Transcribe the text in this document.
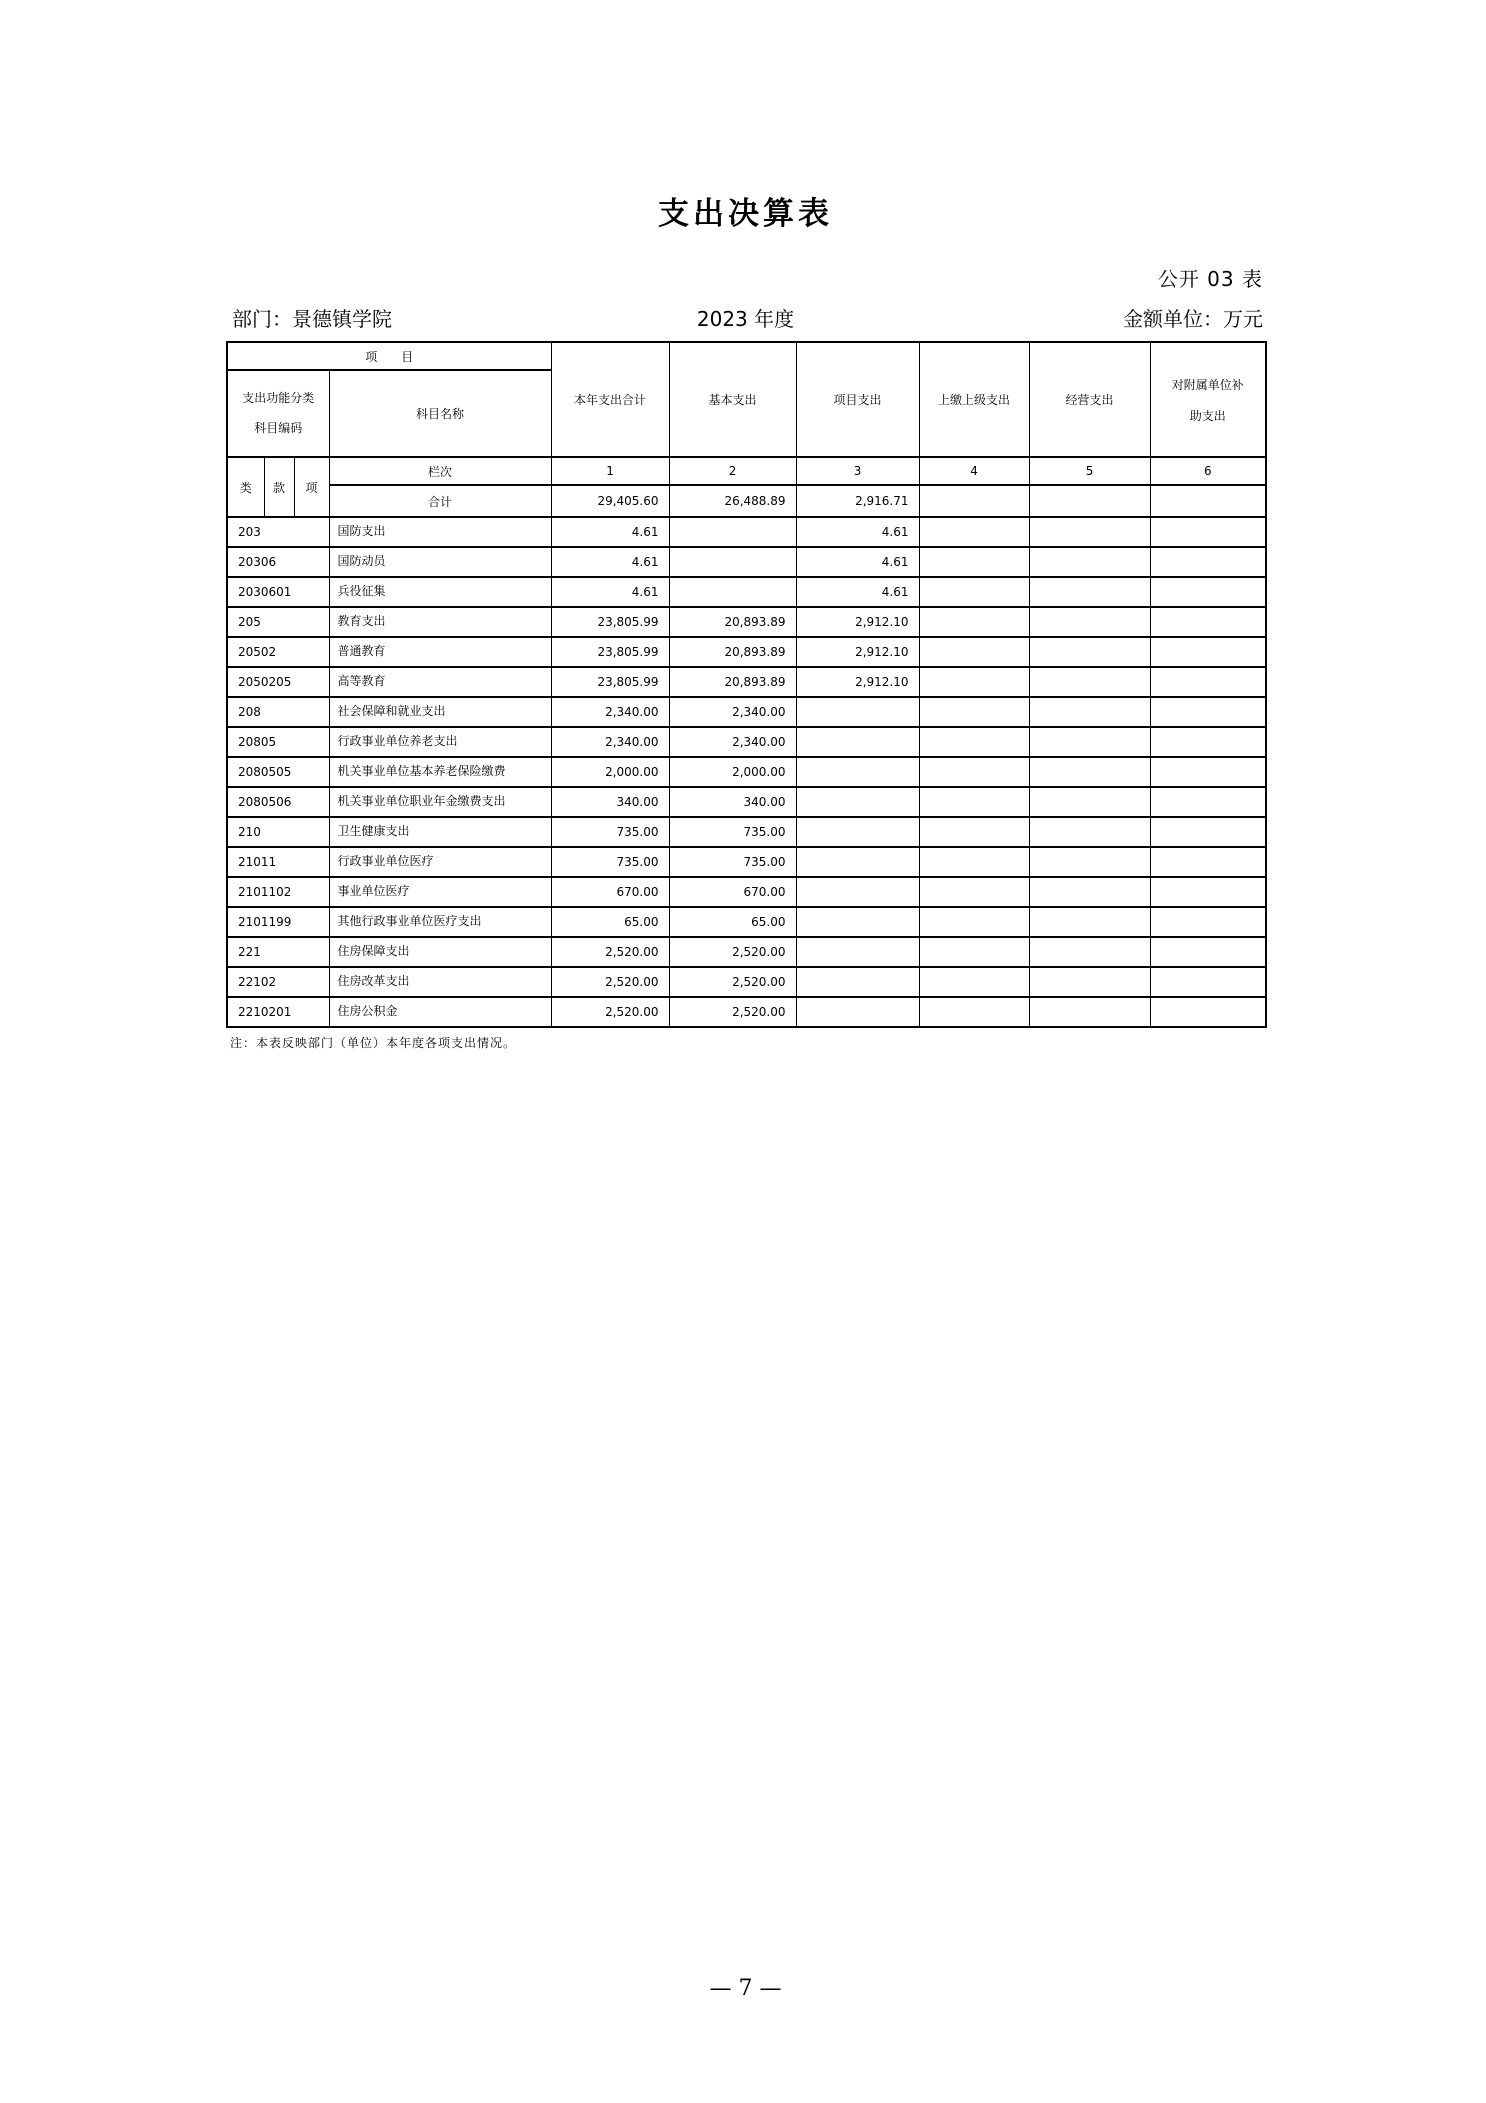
支出决算表
公开 03 表
部门：景德镇学院	2023 年度	金额单位：万元
项　　目				本年支出合计	基本支出	项目支出	上缴上级支出	经营支出	对附属单位补
助支出

支出功能分类
科目编码			科目名称						
类	款	项	栏次	1	2	3	4	5	6
			合计	29,405.60	26,488.89	2,916.71			
203			国防支出	4.61		4.61			
20306			国防动员	4.61		4.61			
2030601			兵役征集	4.61		4.61			
205			教育支出	23,805.99	20,893.89	2,912.10			
20502			普通教育	23,805.99	20,893.89	2,912.10			
2050205			高等教育	23,805.99	20,893.89	2,912.10			
208			社会保障和就业支出	2,340.00	2,340.00				
20805			行政事业单位养老支出	2,340.00	2,340.00				
2080505			机关事业单位基本养老保险缴费	2,000.00	2,000.00				
2080506			机关事业单位职业年金缴费支出	340.00	340.00				
210			卫生健康支出	735.00	735.00				
21011			行政事业单位医疗	735.00	735.00				
2101102			事业单位医疗	670.00	670.00				
2101199			其他行政事业单位医疗支出	65.00	65.00				
221			住房保障支出	2,520.00	2,520.00				
22102			住房改革支出	2,520.00	2,520.00				
2210201			住房公积金	2,520.00	2,520.00				
注：本表反映部门（单位）本年度各项支出情况。
— 7 —
